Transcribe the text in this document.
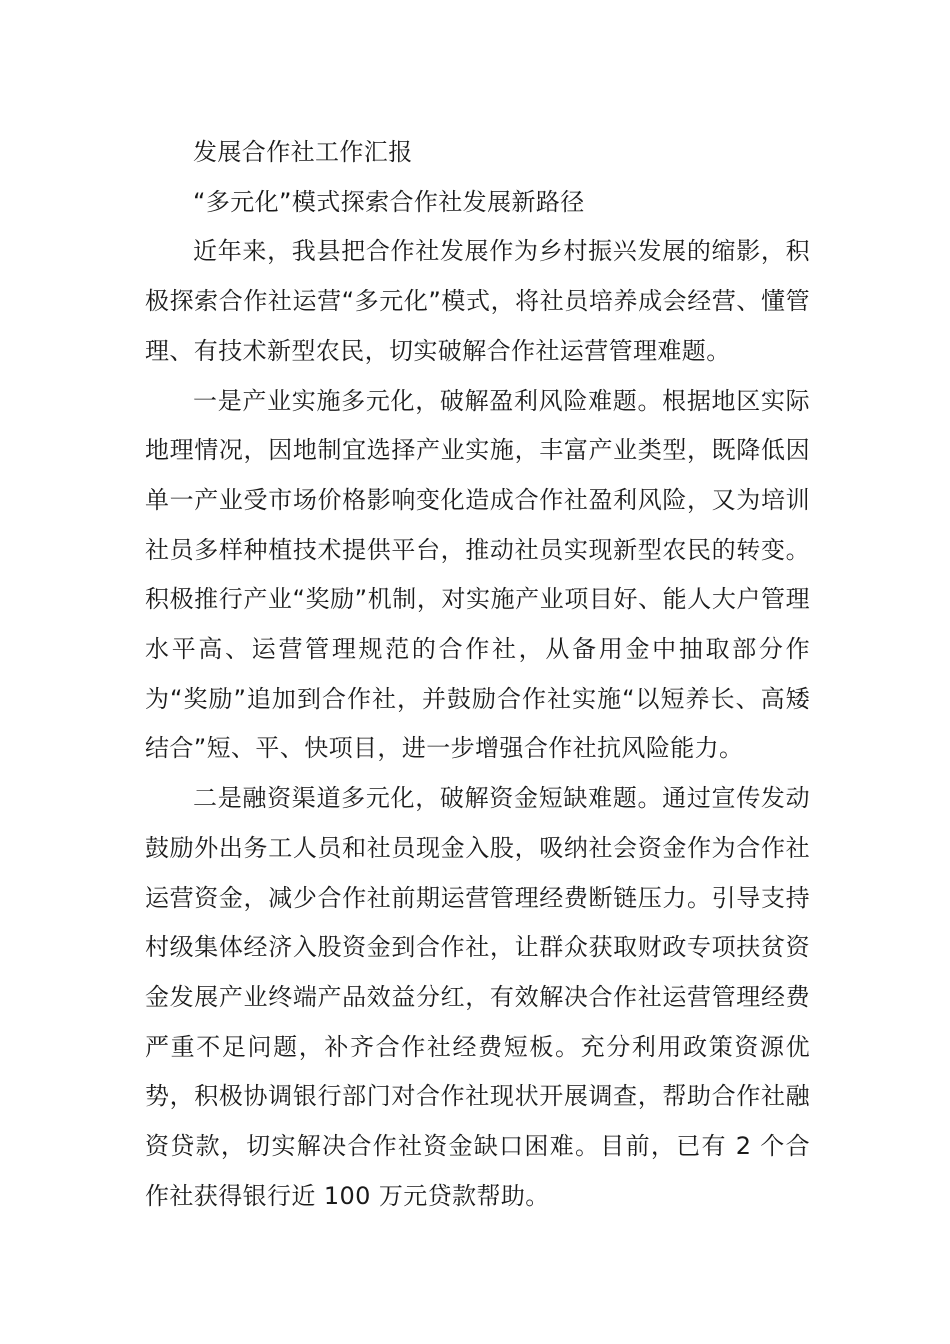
发展合作社工作汇报

“多元化”模式探索合作社发展新路径

近年来，我县把合作社发展作为乡村振兴发展的缩影，积极探索合作社运营“多元化”模式，将社员培养成会经营、懂管理、有技术新型农民，切实破解合作社运营管理难题。

一是产业实施多元化，破解盈利风险难题。根据地区实际地理情况，因地制宜选择产业实施，丰富产业类型，既降低因单一产业受市场价格影响变化造成合作社盈利风险，又为培训社员多样种植技术提供平台，推动社员实现新型农民的转变。积极推行产业“奖励”机制，对实施产业项目好、能人大户管理水平高、运营管理规范的合作社，从备用金中抽取部分作为“奖励”追加到合作社，并鼓励合作社实施“以短养长、高矮结合”短、平、快项目，进一步增强合作社抗风险能力。

二是融资渠道多元化，破解资金短缺难题。通过宣传发动鼓励外出务工人员和社员现金入股，吸纳社会资金作为合作社运营资金，减少合作社前期运营管理经费断链压力。引导支持村级集体经济入股资金到合作社，让群众获取财政专项扶贫资金发展产业终端产品效益分红，有效解决合作社运营管理经费严重不足问题，补齐合作社经费短板。充分利用政策资源优势，积极协调银行部门对合作社现状开展调查，帮助合作社融资贷款，切实解决合作社资金缺口困难。目前，已有 2 个合作社获得银行近 100 万元贷款帮助。
